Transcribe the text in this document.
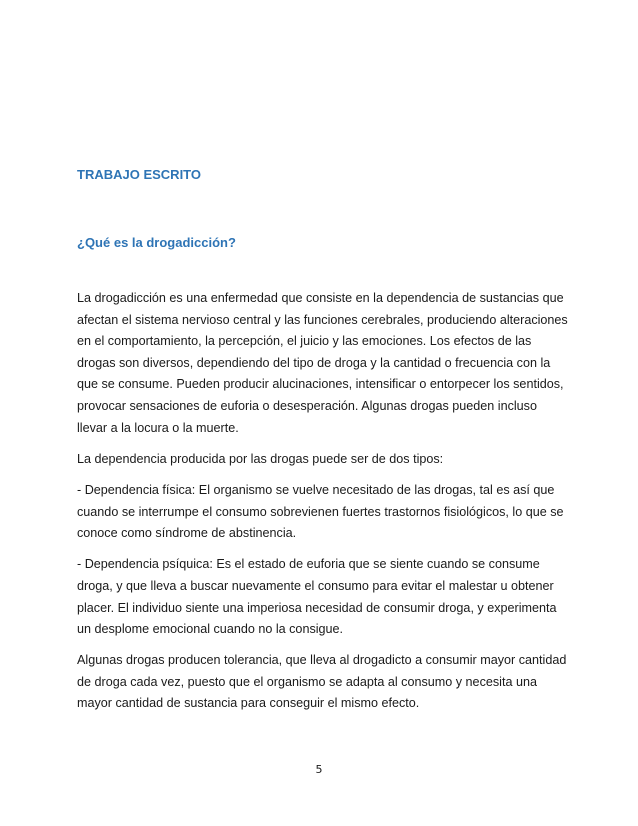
TRABAJO ESCRITO
¿Qué es la drogadicción?

La drogadicción es una enfermedad que consiste en la dependencia de sustancias que
afectan el sistema nervioso central y las funciones cerebrales, produciendo alteraciones
en el comportamiento, la percepción, el juicio y las emociones. Los efectos de las
drogas son diversos, dependiendo del tipo de droga y la cantidad o frecuencia con la
que se consume. Pueden producir alucinaciones, intensificar o entorpecer los sentidos,
provocar sensaciones de euforia o desesperación. Algunas drogas pueden incluso
llevar a la locura o la muerte.

La dependencia producida por las drogas puede ser de dos tipos:

- Dependencia física: El organismo se vuelve necesitado de las drogas, tal es así que
cuando se interrumpe el consumo sobrevienen fuertes trastornos fisiológicos, lo que se
conoce como síndrome de abstinencia.

- Dependencia psíquica: Es el estado de euforia que se siente cuando se consume
droga, y que lleva a buscar nuevamente el consumo para evitar el malestar u obtener
placer. El individuo siente una imperiosa necesidad de consumir droga, y experimenta
un desplome emocional cuando no la consigue.

Algunas drogas producen tolerancia, que lleva al drogadicto a consumir mayor cantidad
de droga cada vez, puesto que el organismo se adapta al consumo y necesita una
mayor cantidad de sustancia para conseguir el mismo efecto.

5
